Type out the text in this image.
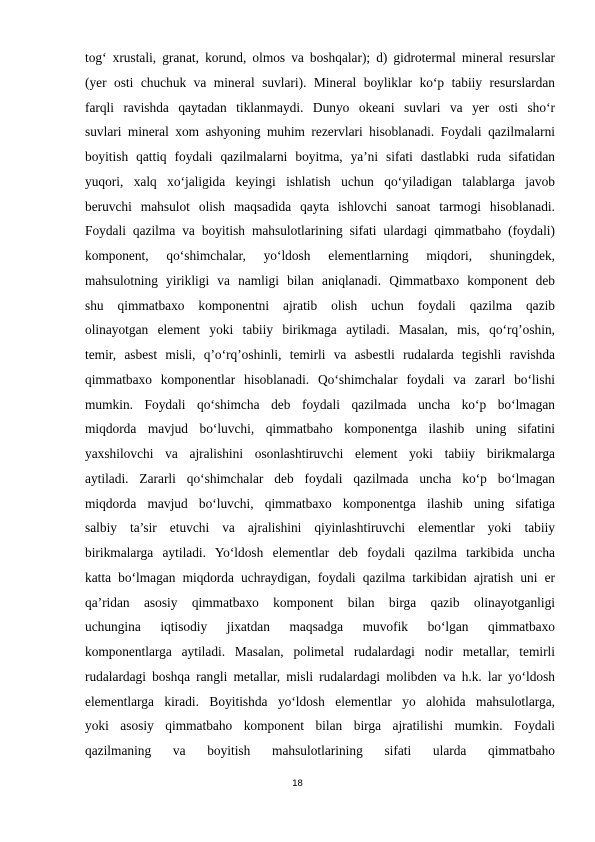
tog‘ xrustali, granat, korund, olmos va boshqalar); d) gidrotermal mineral resurslar
(yer osti chuchuk va mineral suvlari). Mineral boyliklar ko‘p tabiiy resurslardan
farqli ravishda qaytadan tiklanmaydi. Dunyo okeani suvlari va yer osti sho‘r
suvlari mineral xom ashyoning muhim rezervlari hisoblanadi. Foydali qazilmalarni
boyitish qattiq foydali qazilmalarni boyitma, ya’ni sifati dastlabki ruda sifatidan
yuqori, xalq xo‘jaligida keyingi ishlatish uchun qo‘yiladigan talablarga javob
beruvchi mahsulot olish maqsadida qayta ishlovchi sanoat tarmogi hisoblanadi.
Foydali qazilma va boyitish mahsulotlarining sifati ulardagi qimmatbaho (foydali)
komponent, qo‘shimchalar, yo‘ldosh elementlarning miqdori, shuningdek,
mahsulotning yirikligi va namligi bilan aniqlanadi. Qimmatbaxo komponent deb
shu qimmatbaxo komponentni ajratib olish uchun foydali qazilma qazib
olinayotgan element yoki tabiiy birikmaga aytiladi. Masalan, mis, qo‘rq’oshin,
temir, asbest misli, q’o‘rq’oshinli, temirli va asbestli rudalarda tegishli ravishda
qimmatbaxo komponentlar hisoblanadi. Qo‘shimchalar foydali va zararl bo‘lishi
mumkin. Foydali qo‘shimcha deb foydali qazilmada uncha ko‘p bo‘lmagan
miqdorda mavjud bo‘luvchi, qimmatbaho komponentga ilashib uning sifatini
yaxshilovchi va ajralishini osonlashtiruvchi element yoki tabiiy birikmalarga
aytiladi. Zararli qo‘shimchalar deb foydali qazilmada uncha ko‘p bo‘lmagan
miqdorda mavjud bo‘luvchi, qimmatbaxo komponentga ilashib uning sifatiga
salbiy ta’sir etuvchi va ajralishini qiyinlashtiruvchi elementlar yoki tabiiy
birikmalarga aytiladi. Yo‘ldosh elementlar deb foydali qazilma tarkibida uncha
katta bo‘lmagan miqdorda uchraydigan, foydali qazilma tarkibidan ajratish uni er
qa’ridan asosiy qimmatbaxo komponent bilan birga qazib olinayotganligi
uchungina iqtisodiy jixatdan maqsadga muvofik bo‘lgan qimmatbaxo
komponentlarga aytiladi. Masalan, polimetal rudalardagi nodir metallar, temirli
rudalardagi boshqa rangli metallar, misli rudalardagi molibden va h.k. lar yo‘ldosh
elementlarga kiradi. Boyitishda yo‘ldosh elementlar yo alohida mahsulotlarga,
yoki asosiy qimmatbaho komponent bilan birga ajratilishi mumkin. Foydali
qazilmaning va boyitish mahsulotlarining sifati ularda qimmatbaho
18
